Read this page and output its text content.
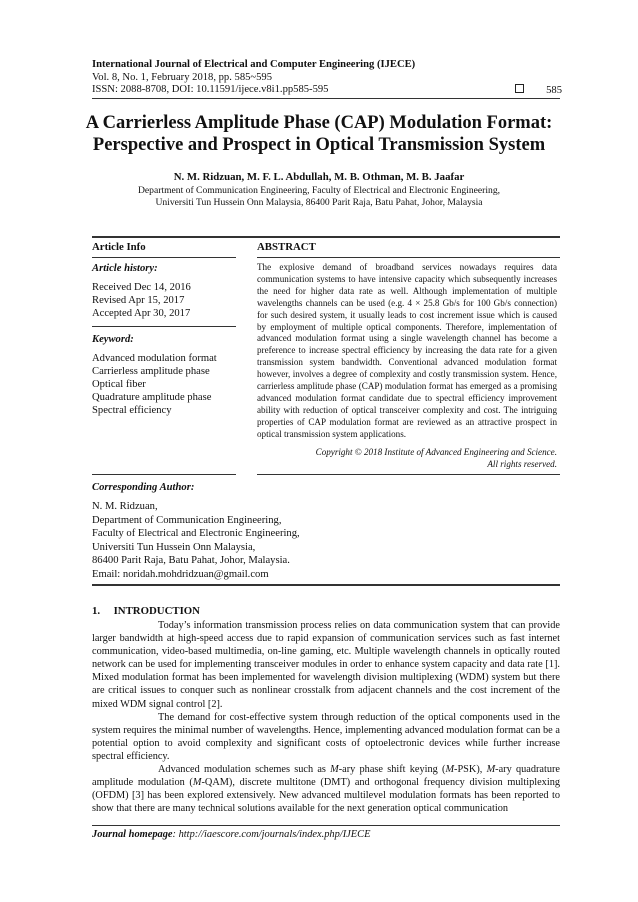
International Journal of Electrical and Computer Engineering (IJECE)
Vol. 8, No. 1, February 2018, pp. 585~595
ISSN: 2088-8708, DOI: 10.11591/ijece.v8i1.pp585-595	585
A Carrierless Amplitude Phase (CAP) Modulation Format:
Perspective and Prospect in Optical Transmission System
N. M. Ridzuan, M. F. L. Abdullah, M. B. Othman, M. B. Jaafar
Department of Communication Engineering, Faculty of Electrical and Electronic Engineering,
Universiti Tun Hussein Onn Malaysia, 86400 Parit Raja, Batu Pahat, Johor, Malaysia
Article Info	ABSTRACT
Article history:
Received Dec 14, 2016
Revised Apr 15, 2017
Accepted Apr 30, 2017
Keyword:
Advanced modulation format
Carrierless amplitude phase
Optical fiber
Quadrature amplitude phase
Spectral efficiency
The explosive demand of broadband services nowadays requires data communication systems to have intensive capacity which subsequently increases the need for higher data rate as well. Although implementation of multiple wavelengths channels can be used (e.g. 4 × 25.8 Gb/s for 100 Gb/s connection) for such desired system, it usually leads to cost increment issue which is caused by employment of multiple optical components. Therefore, implementation of advanced modulation format using a single wavelength channel has become a preference to increase spectral efficiency by increasing the data rate for a given transmission system bandwidth. Conventional advanced modulation format however, involves a degree of complexity and costly transmission system. Hence, carrierless amplitude phase (CAP) modulation format has emerged as a promising advanced modulation format candidate due to spectral efficiency improvement ability with reduction of optical transceiver complexity and cost. The intriguing properties of CAP modulation format are reviewed as an attractive prospect in optical transmission system applications.
Copyright © 2018 Institute of Advanced Engineering and Science.
All rights reserved.
Corresponding Author:
N. M. Ridzuan,
Department of Communication Engineering,
Faculty of Electrical and Electronic Engineering,
Universiti Tun Hussein Onn Malaysia,
86400 Parit Raja, Batu Pahat, Johor, Malaysia.
Email: noridah.mohdridzuan@gmail.com
1.     INTRODUCTION

Today’s information transmission process relies on data communication system that can provide larger bandwidth at high-speed access due to rapid expansion of communication services such as fast internet communication, video-based multimedia, on-line gaming, etc. Multiple wavelength channels in optically routed network can be used for implementing transceiver modules in order to enhance system capacity and data rate [1]. Mixed modulation format has been implemented for wavelength division multiplexing (WDM) system but there are critical issues to conquer such as nonlinear crosstalk from adjacent channels and the cost increment of the mixed WDM signal control [2].

The demand for cost-effective system through reduction of the optical components used in the system requires the minimal number of wavelengths. Hence, implementing advanced modulation format can be a potential option to avoid complexity and significant costs of optoelectronic devices while further increase spectral efficiency.

Advanced modulation schemes such as M-ary phase shift keying (M-PSK), M-ary quadrature amplitude modulation (M-QAM), discrete multitone (DMT) and orthogonal frequency division multiplexing (OFDM) [3] has been explored extensively. New advanced multilevel modulation formats has been reported to show that there are many technical solutions available for the next generation optical communication

Journal homepage: http://iaescore.com/journals/index.php/IJECE
